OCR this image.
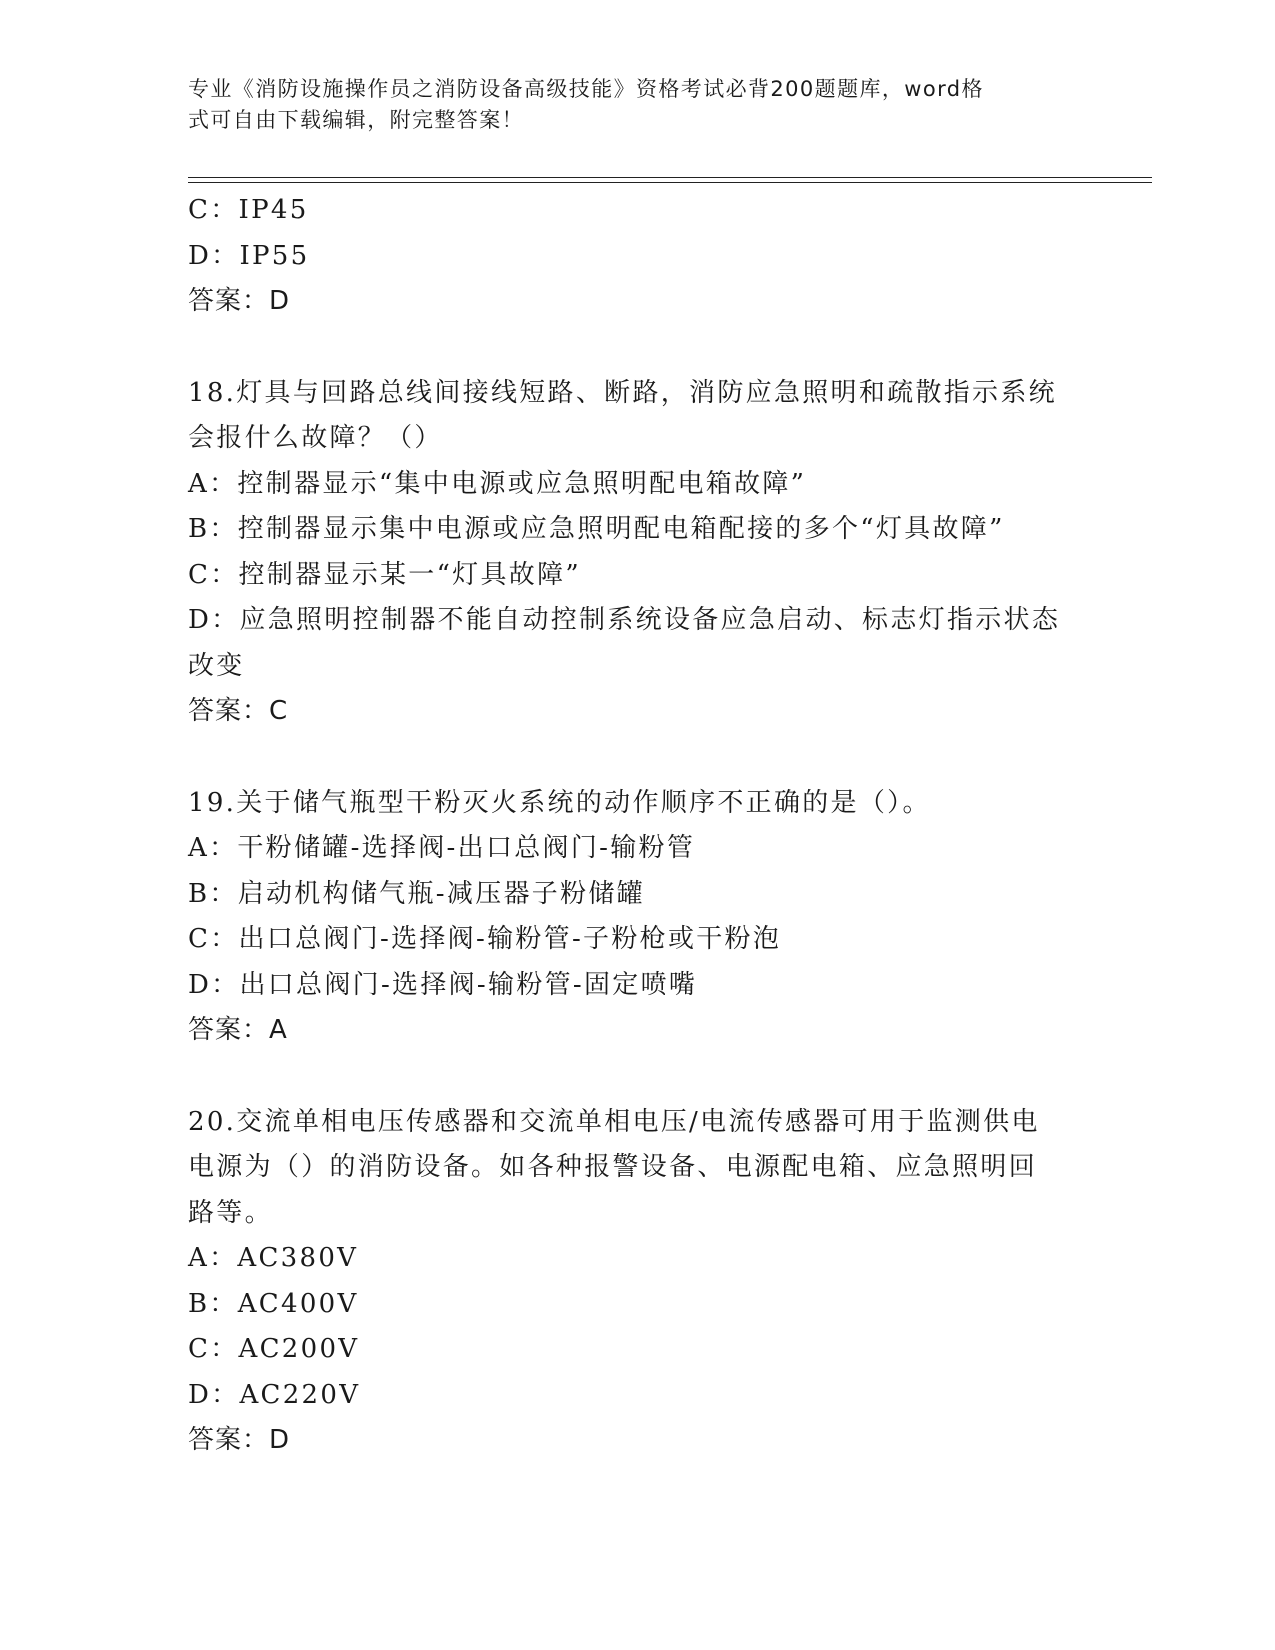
专业《消防设施操作员之消防设备高级技能》资格考试必背200题题库，word格
式可自由下载编辑，附完整答案！
C：IP45
D：IP55
答案：D
18.灯具与回路总线间接线短路、断路，消防应急照明和疏散指示系统
会报什么故障？（）
A：控制器显示“集中电源或应急照明配电箱故障”
B：控制器显示集中电源或应急照明配电箱配接的多个“灯具故障”
C：控制器显示某一“灯具故障”
D：应急照明控制器不能自动控制系统设备应急启动、标志灯指示状态
改变
答案：C
19.关于储气瓶型干粉灭火系统的动作顺序不正确的是（）。
A：干粉储罐-选择阀-出口总阀门-输粉管
B：启动机构储气瓶-减压器子粉储罐
C：出口总阀门-选择阀-输粉管-子粉枪或干粉泡
D：出口总阀门-选择阀-输粉管-固定喷嘴
答案：A
20.交流单相电压传感器和交流单相电压/电流传感器可用于监测供电
电源为（）的消防设备。如各种报警设备、电源配电箱、应急照明回
路等。
A：AC380V
B：AC400V
C：AC200V
D：AC220V
答案：D
